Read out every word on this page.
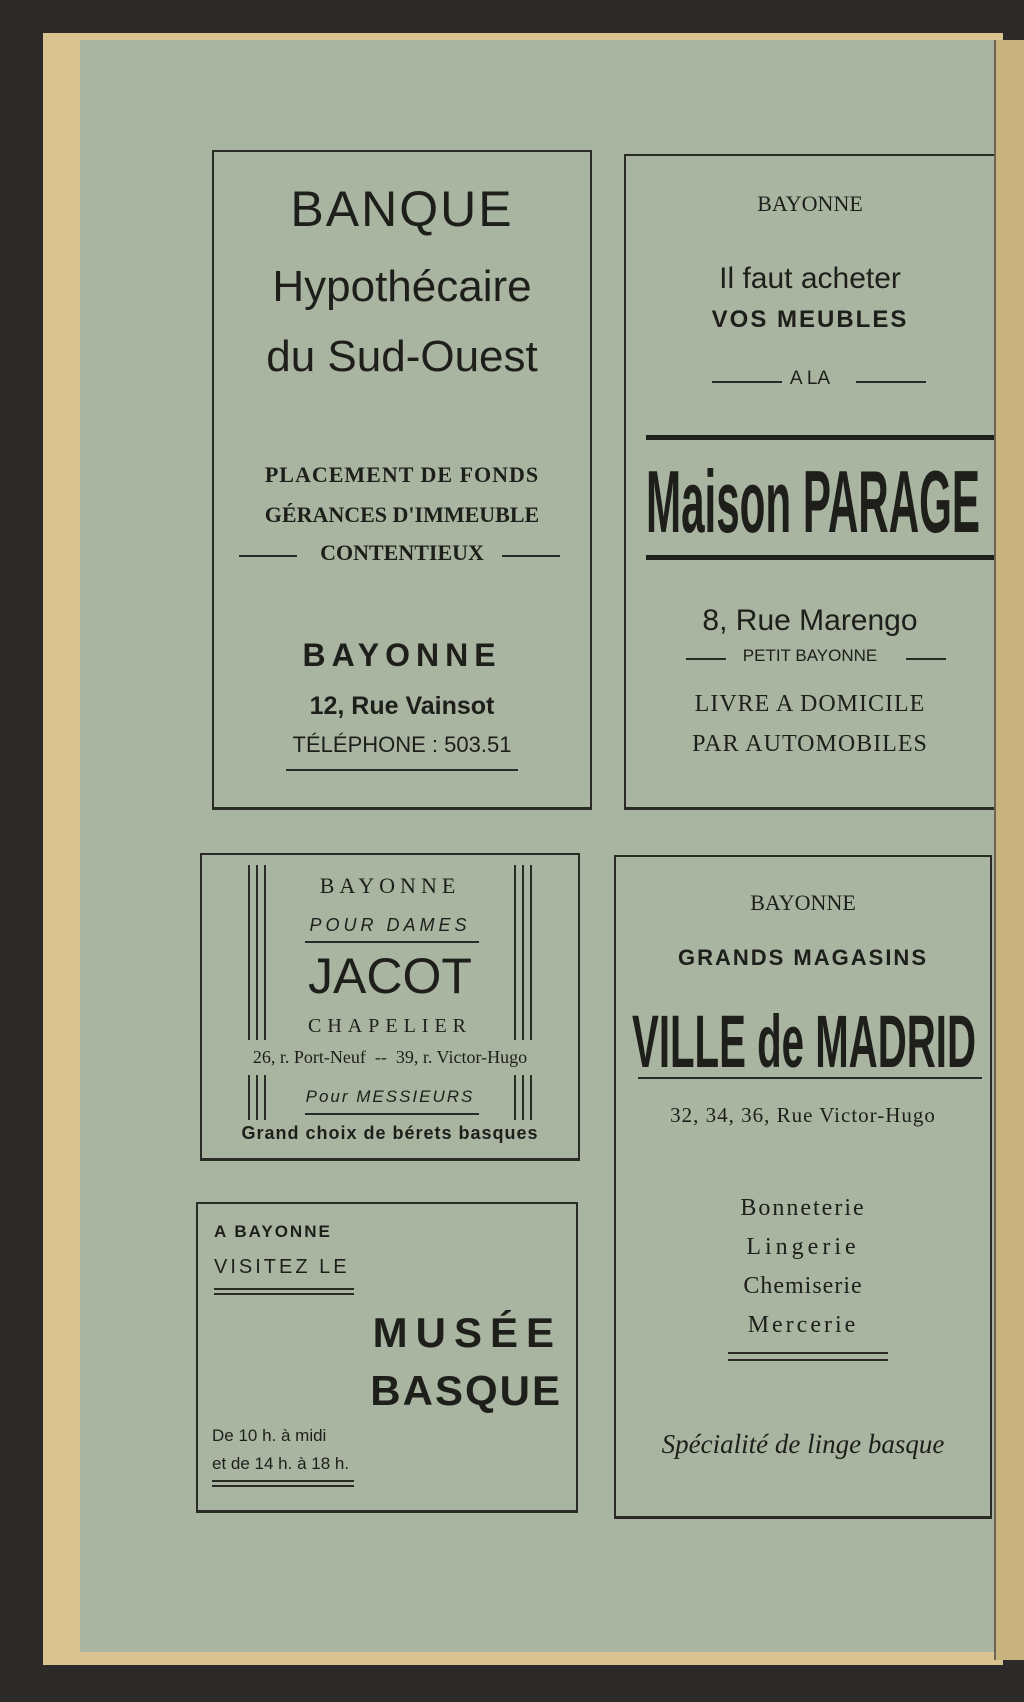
BANQUE
Hypothécaire
du Sud-Ouest
PLACEMENT DE FONDS
GÉRANCES D'IMMEUBLE
CONTENTIEUX
BAYONNE
12, Rue Vainsot
TÉLÉPHONE : 503.51
BAYONNE
Il faut acheter
VOS MEUBLES
A LA
Maison PARAGE
8, Rue Marengo
PETIT BAYONNE
LIVRE A DOMICILE
PAR AUTOMOBILES
BAYONNE
POUR DAMES
JACOT
CHAPELIER
26, r. Port-Neuf  --  39, r. Victor-Hugo
Pour MESSIEURS
Grand choix de bérets basques
A BAYONNE
VISITEZ LE
MUSÉE
BASQUE
De 10 h. à midi
et de 14 h. à 18 h.
BAYONNE
GRANDS MAGASINS
VILLE de MADRID
32, 34, 36, Rue Victor-Hugo
Bonneterie
Lingerie
Chemiserie
Mercerie
Spécialité de linge basque
